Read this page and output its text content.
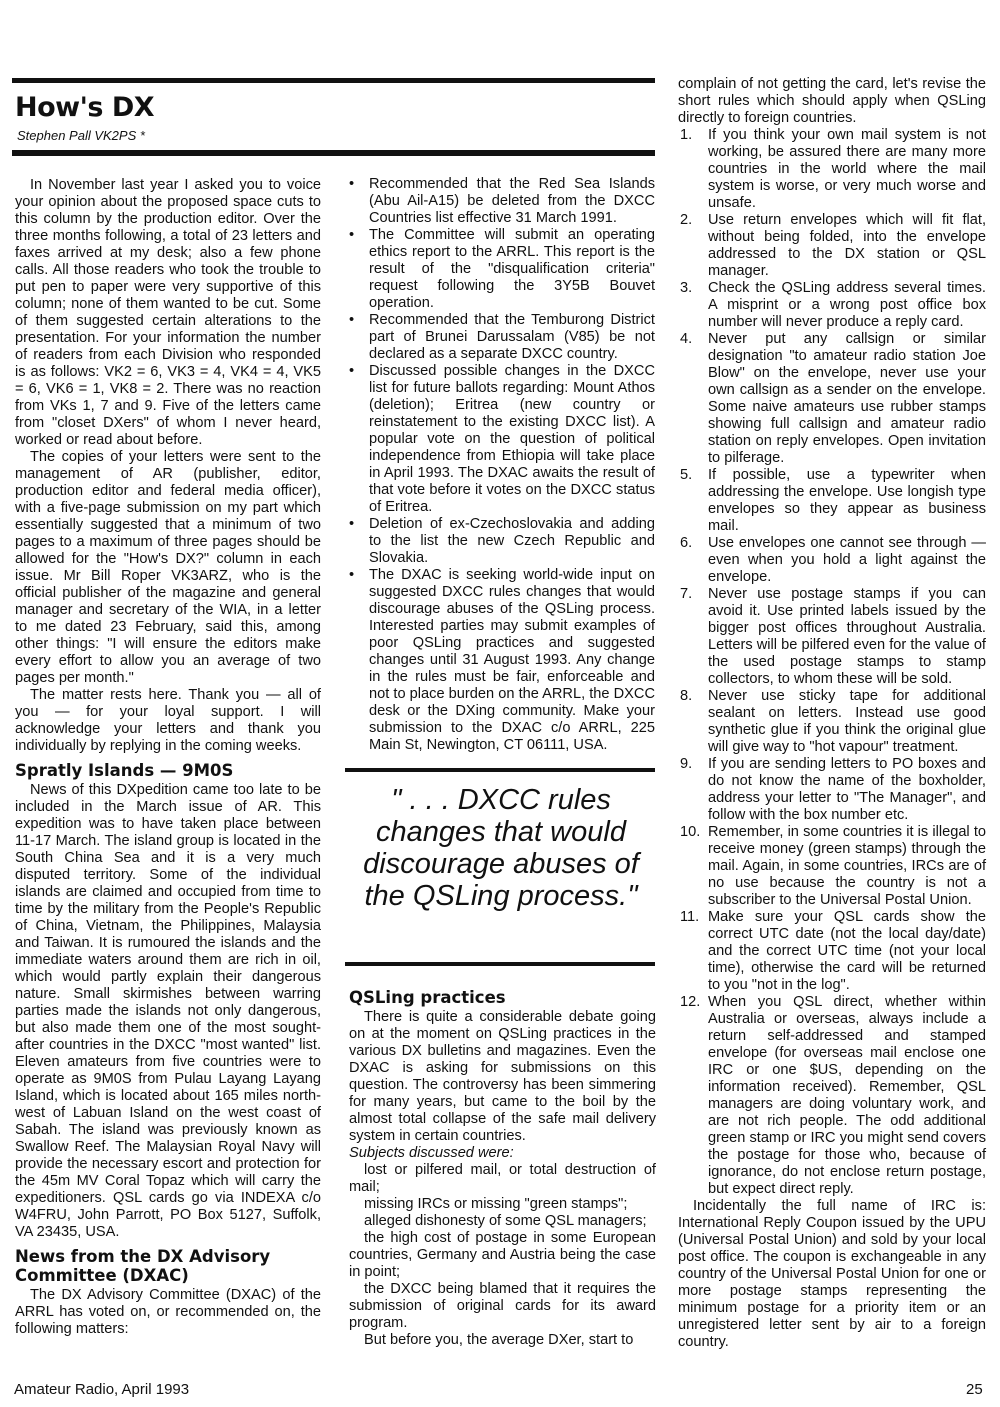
How's DX
Stephen Pall VK2PS *

In November last year I asked you to voice your opinion about the proposed space cuts to this column by the production editor. Over the three months following, a total of 23 letters and faxes arrived at my desk; also a few phone calls. All those readers who took the trouble to put pen to paper were very supportive of this column; none of them wanted to be cut. Some of them suggested certain alterations to the presentation. For your information the number of readers from each Division who responded is as follows: VK2 = 6, VK3 = 4, VK4 = 4, VK5 = 6, VK6 = 1, VK8 = 2. There was no reaction from VKs 1, 7 and 9. Five of the letters came from "closet DXers" of whom I never heard, worked or read about before.

The copies of your letters were sent to the management of AR (publisher, editor, production editor and federal media officer), with a five-page submission on my part which essentially suggested that a minimum of two pages to a maximum of three pages should be allowed for the "How's DX?" column in each issue. Mr Bill Roper VK3ARZ, who is the official publisher of the magazine and general manager and secretary of the WIA, in a letter to me dated 23 February, said this, among other things: "I will ensure the editors make every effort to allow you an average of two pages per month."

The matter rests here. Thank you — all of you — for your loyal support. I will acknowledge your letters and thank you individually by replying in the coming weeks.

Spratly Islands — 9M0S

News of this DXpedition came too late to be included in the March issue of AR. This expedition was to have taken place between 11-17 March. The island group is located in the South China Sea and it is a very much disputed territory. Some of the individual islands are claimed and occupied from time to time by the military from the People's Republic of China, Vietnam, the Philippines, Malaysia and Taiwan. It is rumoured the islands and the immediate waters around them are rich in oil, which would partly explain their dangerous nature. Small skirmishes between warring parties made the islands not only dangerous, but also made them one of the most sought-after countries in the DXCC "most wanted" list. Eleven amateurs from five countries were to operate as 9M0S from Pulau Layang Layang Island, which is located about 165 miles north-west of Labuan Island on the west coast of Sabah. The island was previously known as Swallow Reef. The Malaysian Royal Navy will provide the necessary escort and protection for the 45m MV Coral Topaz which will carry the expeditioners. QSL cards go via INDEXA c/o W4FRU, John Parrott, PO Box 5127, Suffolk, VA 23435, USA.

News from the DX Advisory Committee (DXAC)

The DX Advisory Committee (DXAC) of the ARRL has voted on, or recommended on, the following matters:

• Recommended that the Red Sea Islands (Abu Ail-A15) be deleted from the DXCC Countries list effective 31 March 1991.
• The Committee will submit an operating ethics report to the ARRL. This report is the result of the "disqualification criteria" request following the 3Y5B Bouvet operation.
• Recommended that the Temburong District part of Brunei Darussalam (V85) be not declared as a separate DXCC country.
• Discussed possible changes in the DXCC list for future ballots regarding: Mount Athos (deletion); Eritrea (new country or reinstatement to the existing DXCC list). A popular vote on the question of political independence from Ethiopia will take place in April 1993. The DXAC awaits the result of that vote before it votes on the DXCC status of Eritrea.
• Deletion of ex-Czechoslovakia and adding to the list the new Czech Republic and Slovakia.
• The DXAC is seeking world-wide input on suggested DXCC rules changes that would discourage abuses of the QSLing process. Interested parties may submit examples of poor QSLing practices and suggested changes until 31 August 1993. Any change in the rules must be fair, enforceable and not to place burden on the ARRL, the DXCC desk or the DXing community. Make your submission to the DXAC c/o ARRL, 225 Main St, Newington, CT 06111, USA.
" . . . DXCC rules changes that would discourage abuses of the QSLing process."
QSLing practices

There is quite a considerable debate going on at the moment on QSLing practices in the various DX bulletins and magazines. Even the DXAC is asking for submissions on this question. The controversy has been simmering for many years, but came to the boil by the almost total collapse of the safe mail delivery system in certain countries.

Subjects discussed were:

lost or pilfered mail, or total destruction of mail;

missing IRCs or missing "green stamps";

alleged dishonesty of some QSL managers;

the high cost of postage in some European countries, Germany and Austria being the case in point;

the DXCC being blamed that it requires the submission of original cards for its award program.

But before you, the average DXer, start to

complain of not getting the card, let's revise the short rules which should apply when QSLing directly to foreign countries.

1. If you think your own mail system is not working, be assured there are many more countries in the world where the mail system is worse, or very much worse and unsafe.
2. Use return envelopes which will fit flat, without being folded, into the envelope addressed to the DX station or QSL manager.
3. Check the QSLing address several times. A misprint or a wrong post office box number will never produce a reply card.
4. Never put any callsign or similar designation "to amateur radio station Joe Blow" on the envelope, never use your own callsign as a sender on the envelope. Some naive amateurs use rubber stamps showing full callsign and amateur radio station on reply envelopes. Open invitation to pilferage.
5. If possible, use a typewriter when addressing the envelope. Use longish type envelopes so they appear as business mail.
6. Use envelopes one cannot see through — even when you hold a light against the envelope.
7. Never use postage stamps if you can avoid it. Use printed labels issued by the bigger post offices throughout Australia. Letters will be pilfered even for the value of the used postage stamps to stamp collectors, to whom these will be sold.
8. Never use sticky tape for additional sealant on letters. Instead use good synthetic glue if you think the original glue will give way to "hot vapour" treatment.
9. If you are sending letters to PO boxes and do not know the name of the boxholder, address your letter to "The Manager", and follow with the box number etc.
10. Remember, in some countries it is illegal to receive money (green stamps) through the mail. Again, in some countries, IRCs are of no use because the country is not a subscriber to the Universal Postal Union.
11. Make sure your QSL cards show the correct UTC date (not the local day/date) and the correct UTC time (not your local time), otherwise the card will be returned to you "not in the log".
12. When you QSL direct, whether within Australia or overseas, always include a return self-addressed and stamped envelope (for overseas mail enclose one IRC or one $US, depending on the information received). Remember, QSL managers are doing voluntary work, and are not rich people. The odd additional green stamp or IRC you might send covers the postage for those who, because of ignorance, do not enclose return postage, but expect direct reply.

Incidentally the full name of IRC is: International Reply Coupon issued by the UPU (Universal Postal Union) and sold by your local post office. The coupon is exchangeable in any country of the Universal Postal Union for one or more postage stamps representing the minimum postage for a priority item or an unregistered letter sent by air to a foreign country.

Amateur Radio, April 1993	25
